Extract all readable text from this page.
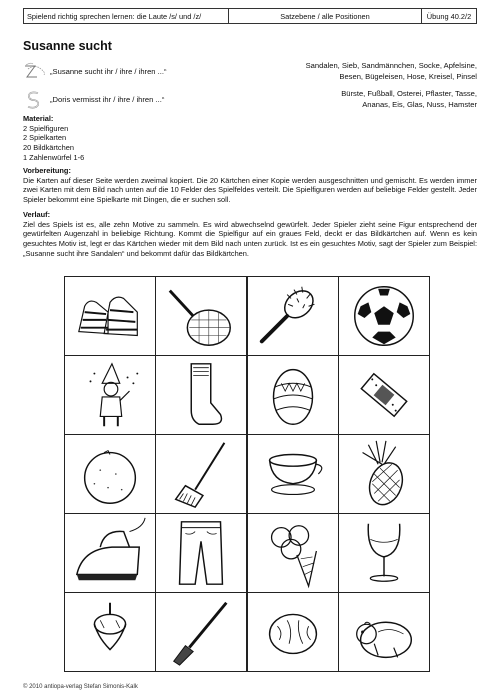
Spielend richtig sprechen lernen: die Laute /s/ und /z/	Satzebene / alle Positionen	Übung 40.2/2
Susanne sucht
„Susanne sucht ihr / ihre / ihren ...“
Sandalen, Sieb, Sandmännchen, Socke, Apfelsine,
Besen, Bügeleisen, Hose, Kreisel, Pinsel
„Doris vermisst ihr / ihre / ihren ...“
Bürste, Fußball, Osterei, Pflaster, Tasse,
Ananas, Eis, Glas, Nuss, Hamster
Material:
2 Spielfiguren
2 Spielkarten
20 Bildkärtchen
1 Zahlenwürfel 1-6
Vorbereitung:
Die Karten auf dieser Seite werden zweimal kopiert. Die 20 Kärtchen einer Kopie werden ausgeschnitten und gemischt. Es werden immer zwei Karten mit dem Bild nach unten auf die 10 Felder des Spielfeldes verteilt. Die Spielfiguren werden auf beliebige Felder gestellt. Jeder Spieler bekommt eine Spielkarte mit Dingen, die er suchen soll.
Verlauf:
Ziel des Spiels ist es, alle zehn Motive zu sammeln. Es wird abwechselnd gewürfelt. Jeder Spieler zieht seine Figur entsprechend der gewürfelten Augenzahl in beliebige Richtung. Kommt die Spielfigur auf ein graues Feld, deckt er das Bildkärtchen auf. Wenn es kein gesuchtes Motiv ist, legt er das Kärtchen wieder mit dem Bild nach unten zurück. Ist es ein gesuchtes Motiv, sagt der Spieler zum Beispiel: „Susanne sucht ihre Sandalen“ und bekommt dafür das Bildkärtchen.
© 2010 antiopa-verlag Stefan Simonis-Kalk
